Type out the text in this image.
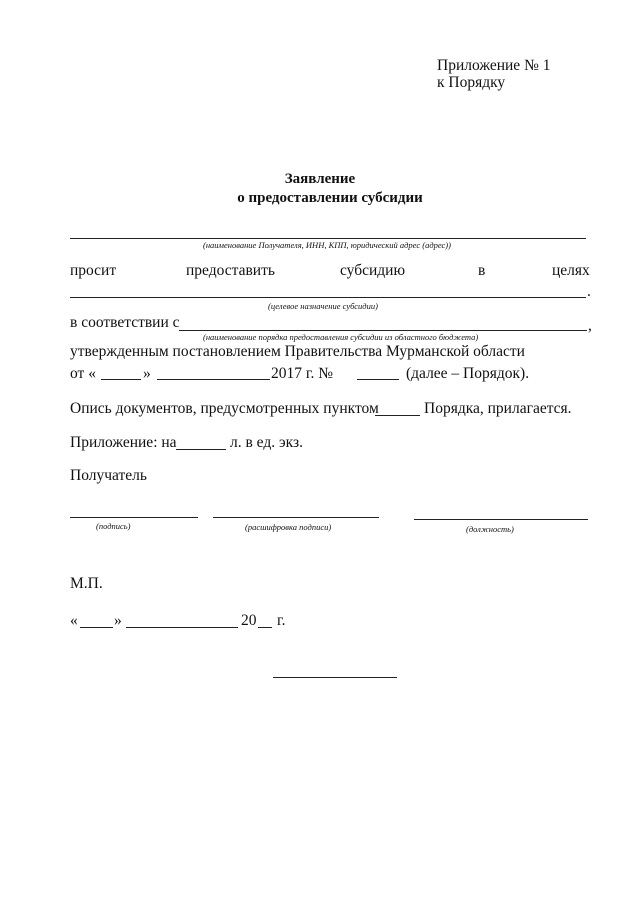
Приложение № 1
к Порядку
Заявление
о предоставлении субсидии
(наименование Получателя, ИНН, КПП, юридический адрес (адрес))
просит	предоставить	субсидию	в	целях
.
(целевое назначение субсидии)
в соответствии с	,
(наименование порядка предоставления субсидии из областного бюджета)
утвержденным постановлением Правительства Мурманской области
от «	»	2017 г. №	(далее – Порядок).
Опись документов, предусмотренных пунктом	Порядка, прилагается.
Приложение: на	л. в ед. экз.
Получатель
(подпись)	(расшифровка подписи)	(должность)
М.П.
« »	20 г.
